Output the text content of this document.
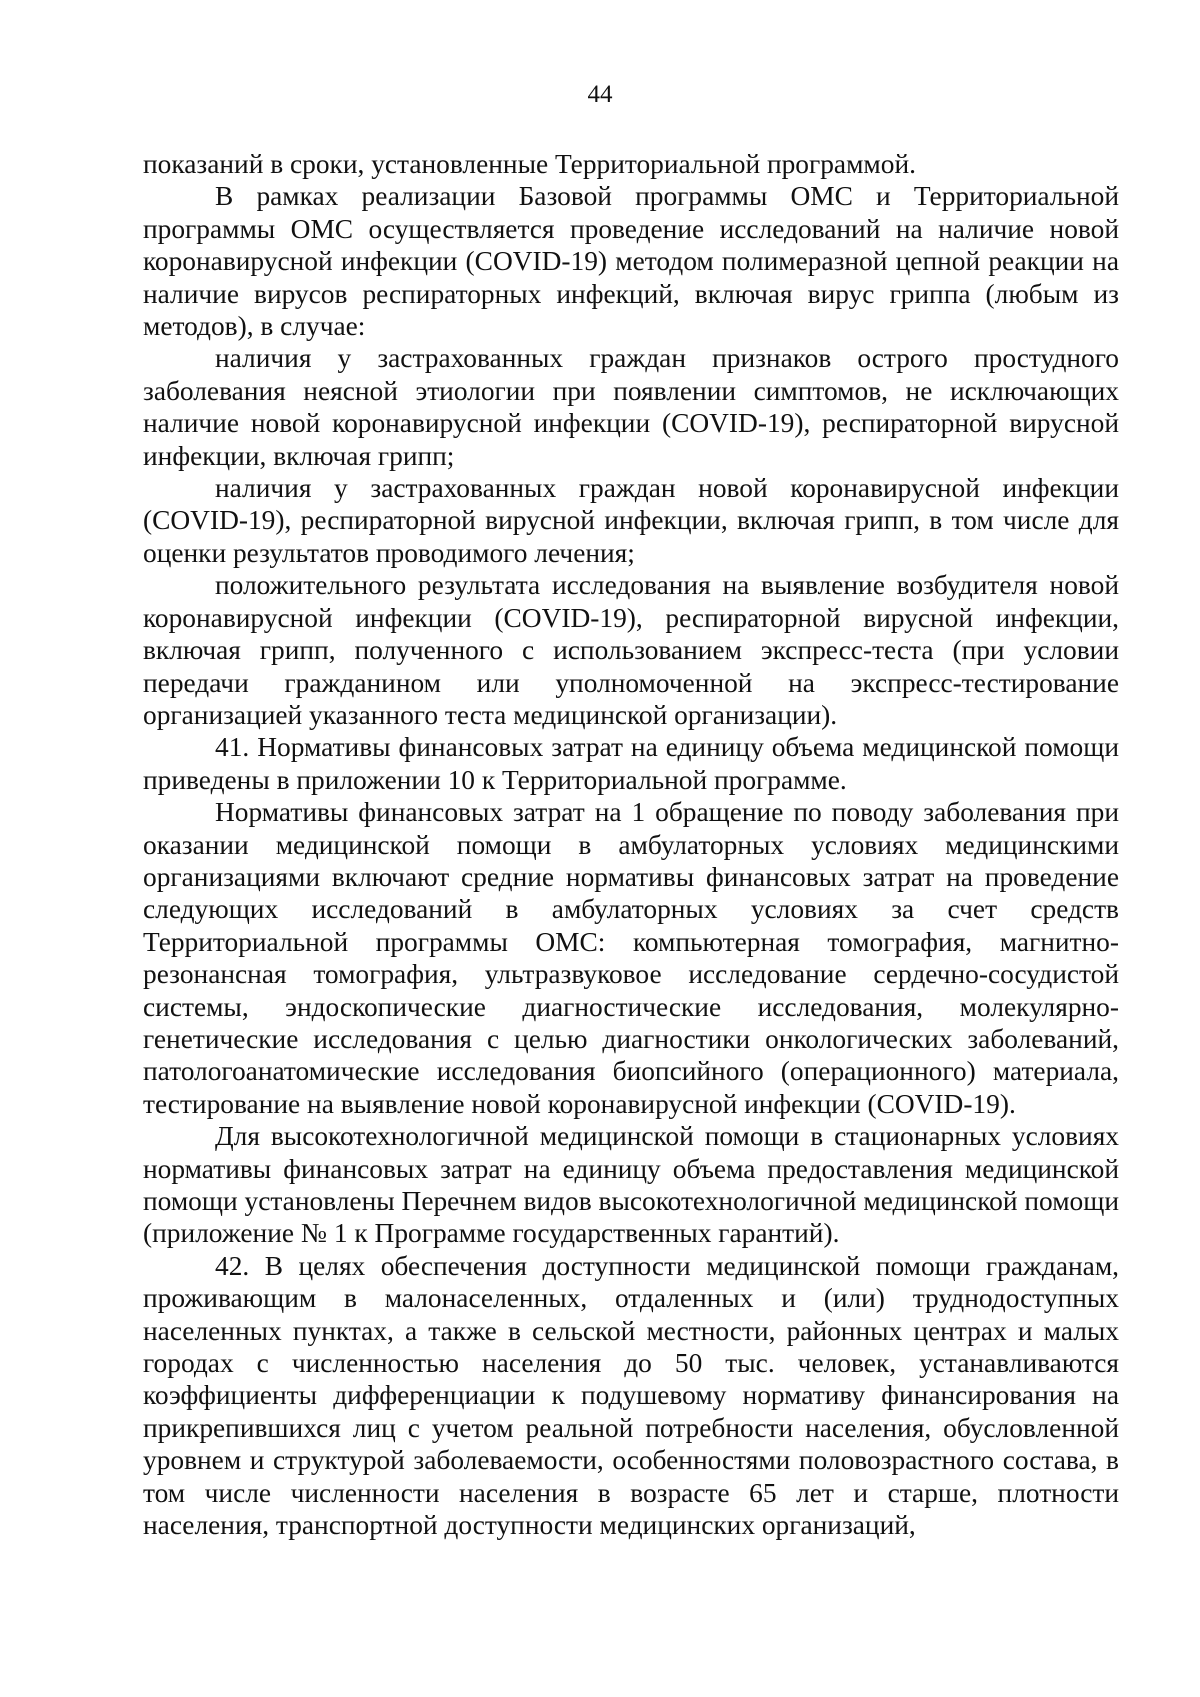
44

показаний в сроки, установленные Территориальной программой.

В рамках реализации Базовой программы ОМС и Территориальной программы ОМС осуществляется проведение исследований на наличие новой коронавирусной инфекции (COVID-19) методом полимеразной цепной реакции на наличие вирусов респираторных инфекций, включая вирус гриппа (любым из методов), в случае:

наличия у застрахованных граждан признаков острого простудного заболевания неясной этиологии при появлении симптомов, не исключающих наличие новой коронавирусной инфекции (COVID-19), респираторной вирусной инфекции, включая грипп;

наличия у застрахованных граждан новой коронавирусной инфекции (COVID-19), респираторной вирусной инфекции, включая грипп, в том числе для оценки результатов проводимого лечения;

положительного результата исследования на выявление возбудителя новой коронавирусной инфекции (COVID-19), респираторной вирусной инфекции, включая грипп, полученного с использованием экспресс-теста (при условии передачи гражданином или уполномоченной на экспресс-тестирование организацией указанного теста медицинской организации).

41. Нормативы финансовых затрат на единицу объема медицинской помощи приведены в приложении 10 к Территориальной программе.

Нормативы финансовых затрат на 1 обращение по поводу заболевания при оказании медицинской помощи в амбулаторных условиях медицинскими организациями включают средние нормативы финансовых затрат на проведение следующих исследований в амбулаторных условиях за счет средств Территориальной программы ОМС: компьютерная томография, магнитно-резонансная томография, ультразвуковое исследование сердечно-сосудистой системы, эндоскопические диагностические исследования, молекулярно-генетические исследования с целью диагностики онкологических заболеваний, патологоанатомические исследования биопсийного (операционного) материала, тестирование на выявление новой коронавирусной инфекции (COVID-19).

Для высокотехнологичной медицинской помощи в стационарных условиях нормативы финансовых затрат на единицу объема предоставления медицинской помощи установлены Перечнем видов высокотехнологичной медицинской помощи (приложение № 1 к Программе государственных гарантий).

42. В целях обеспечения доступности медицинской помощи гражданам, проживающим в малонаселенных, отдаленных и (или) труднодоступных населенных пунктах, а также в сельской местности, районных центрах и малых городах с численностью населения до 50 тыс. человек, устанавливаются коэффициенты дифференциации к подушевому нормативу финансирования на прикрепившихся лиц с учетом реальной потребности населения, обусловленной уровнем и структурой заболеваемости, особенностями половозрастного состава, в том числе численности населения в возрасте 65 лет и старше, плотности населения, транспортной доступности медицинских организаций,
